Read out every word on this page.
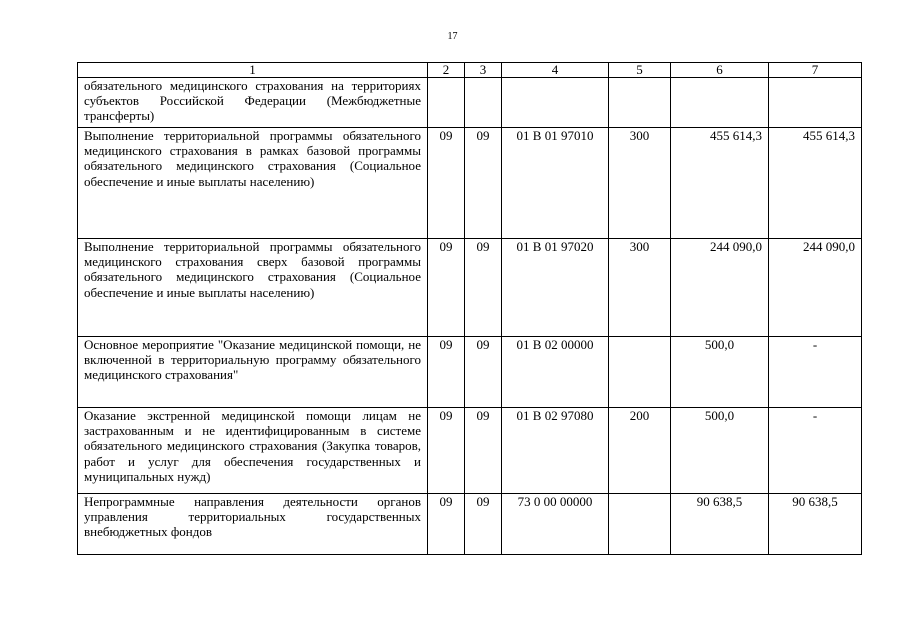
17
1	2	3	4	5	6	7
обязательного медицинского страхования на территориях субъектов Российской Федерации (Межбюджетные трансферты)						
Выполнение территориальной программы обязательного медицинского страхования в рамках базовой программы обязательного медицинского страхования (Социальное обеспечение и иные выплаты населению)	09	09	01 В 01 97010	300	455 614,3	455 614,3
Выполнение территориальной программы обязательного медицинского страхования сверх базовой программы обязательного медицинского страхования (Социальное обеспечение и иные выплаты населению)	09	09	01 В 01 97020	300	244 090,0	244 090,0
Основное мероприятие "Оказание медицинской помощи, не включенной в территориальную программу обязательного медицинского страхования"	09	09	01 В 02 00000		500,0	-
Оказание экстренной медицинской помощи лицам не застрахованным и не идентифицированным в системе обязательного медицинского страхования (Закупка товаров, работ и услуг для обеспечения государственных и муниципальных нужд)	09	09	01 В 02 97080	200	500,0	-
Непрограммные направления деятельности органов управления территориальных государственных внебюджетных фондов	09	09	73 0 00 00000		90 638,5	90 638,5
